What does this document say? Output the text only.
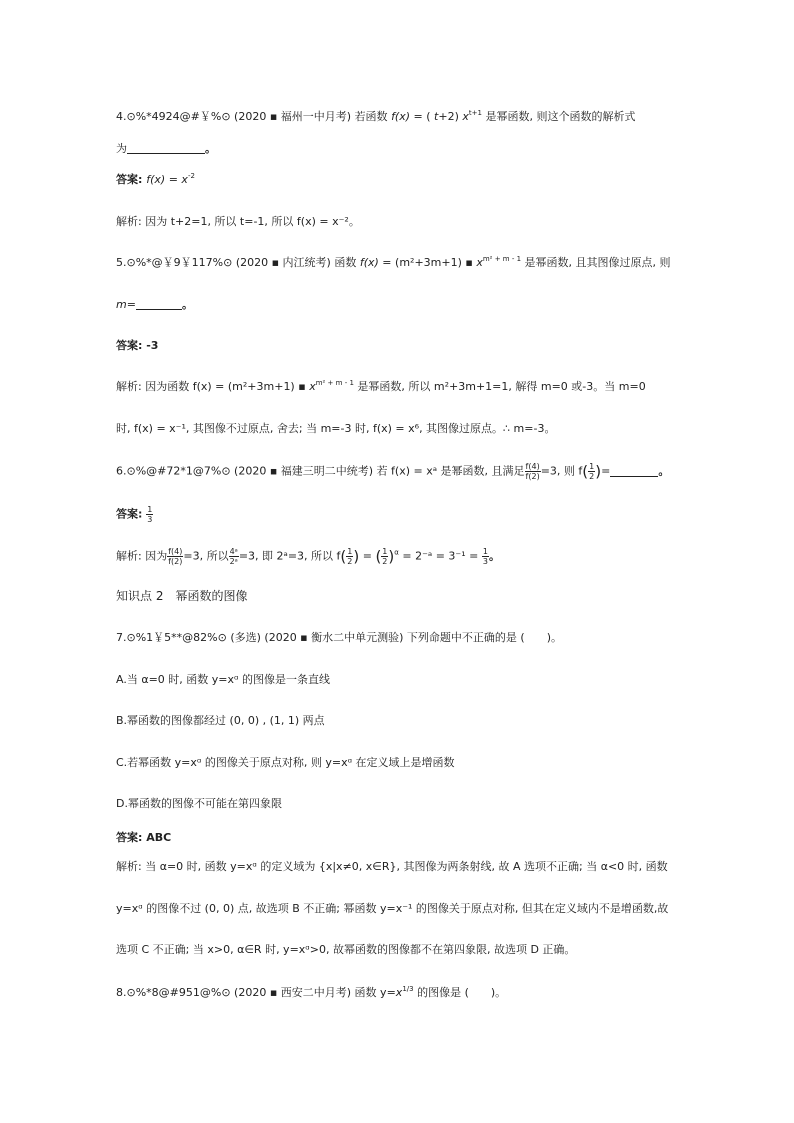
4.⊙%*4924@#￥%⊙ (2020 ▪ 福州一中月考) 若函数 f(x) = ( t+2) $x^{t+1}$ 是幂函数, 则这个函数的解析式
为	。
答案: $f(x) = x^{-2}$
解析: 因为 t+2=1, 所以 t=-1, 所以 f(x) = x⁻²。
5.⊙%*@￥9￥117%⊙ (2020 ▪ 内江统考) 函数 f(x) = (m²+3m+1) ▪ $x^{m^2 + m - 1}$ 是幂函数, 且其图像过原点, 则
m=	。
答案: -3
解析: 因为函数 f(x) = (m²+3m+1) ▪ $x^{m^2 + m - 1}$ 是幂函数, 所以 m²+3m+1=1, 解得 m=0 或-3。当 m=0
时, f(x) = x⁻¹, 其图像不过原点, 舍去; 当 m=-3 时, f(x) = x⁶, 其图像过原点。∴ m=-3。
6.⊙%@#72*1@7%⊙ (2020 ▪ 福建三明二中统考) 若 f(x) = xᵃ 是幂函数, 且满足 $\frac{f(4)}{f(2)} =3$, 则 $f( \frac{1}{2}$ )=	。
答案: $\frac{1}{3}$
解析: 因为 $\frac{f(4)}{f(2)} =3$, 所以 $\frac{\text{4ᵃ}}{\text{2ᵃ}} =3$, 即 2ᵃ=3, 所以 $f( \frac{1}{2}$ ) = ( $\frac{1}{2} )^\alpha$ = 2⁻ᵃ = $3^{-1} = \frac{1}{3}$ 。
知识点 2　幂函数的图像
7.⊙%1￥5**@82%⊙ (多选) (2020 ▪ 衡水二中单元测验) 下列命题中不正确的是 (　　)。
A.当 α=0 时, 函数 y=xᵅ 的图像是一条直线
B.幂函数的图像都经过 (0, 0) , (1, 1) 两点
C.若幂函数 y=xᵅ 的图像关于原点对称, 则 y=xᵅ 在定义域上是增函数
D.幂函数的图像不可能在第四象限
答案: ABC
解析: 当 α=0 时, 函数 y=xᵅ 的定义域为 {x|x≠0, x∈R}, 其图像为两条射线, 故 A 选项不正确; 当 α<0 时, 函数
y=xᵅ 的图像不过 (0, 0) 点, 故选项 B 不正确; 幂函数 y=x⁻¹ 的图像关于原点对称, 但其在定义域内不是增函数,故
选项 C 不正确; 当 x>0, α∈R 时, y=xᵅ>0, 故幂函数的图像都不在第四象限, 故选项 D 正确。
8.⊙%*8@#951@%⊙ (2020 ▪ 西安二中月考) 函数 $y=x^{1/3}$ 的图像是 (　　)。
